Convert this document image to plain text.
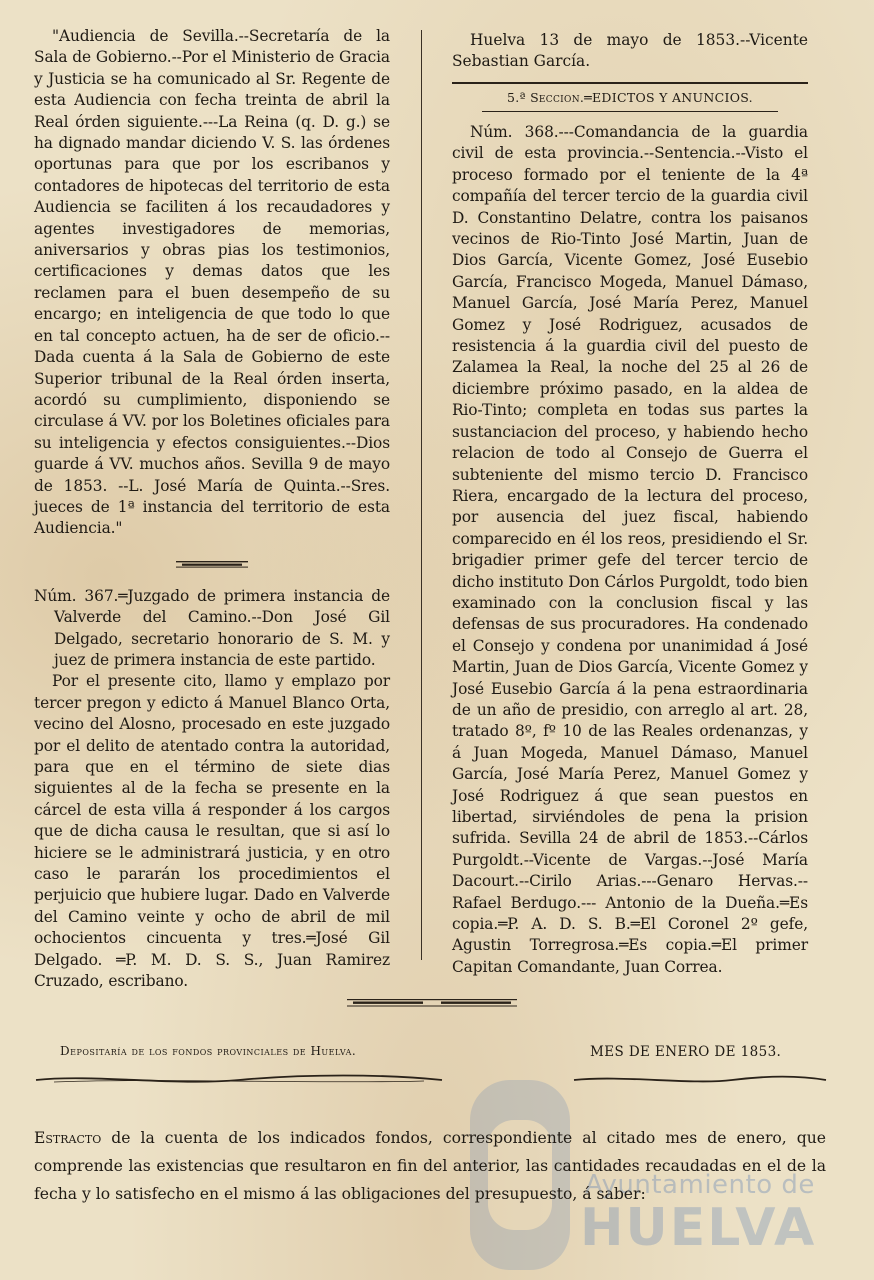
"Audiencia de Sevilla.--Secretaría de la Sala de Gobierno.--Por el Ministerio de Gracia y Justicia se ha comunicado al Sr. Regente de esta Audiencia con fecha treinta de abril la Real órden siguiente.---La Reina (q. D. g.) se ha dignado mandar diciendo V. S. las órdenes oportunas para que por los escribanos y contadores de hipotecas del territorio de esta Audiencia se faciliten á los recaudadores y agentes investigadores de memorias, aniversarios y obras pias los testimonios, certificaciones y demas datos que les reclamen para el buen desempeño de su encargo; en inteligencia de que todo lo que en tal concepto actuen, ha de ser de oficio.--Dada cuenta á la Sala de Gobierno de este Superior tribunal de la Real órden inserta, acordó su cumplimiento, disponiendo se circulase á VV. por los Boletines oficiales para su inteligencia y efectos consiguientes.--Dios guarde á VV. muchos años. Sevilla 9 de mayo de 1853. --L. José María de Quinta.--Sres. jueces de 1ª instancia del territorio de esta Audiencia."

Núm. 367.═Juzgado de primera instancia de Valverde del Camino.--Don José Gil Delgado, secretario honorario de S. M. y juez de primera instancia de este partido.

Por el presente cito, llamo y emplazo por tercer pregon y edicto á Manuel Blanco Orta, vecino del Alosno, procesado en este juzgado por el delito de atentado contra la autoridad, para que en el término de siete dias siguientes al de la fecha se presente en la cárcel de esta villa á responder á los cargos que de dicha causa le resultan, que si así lo hiciere se le administrará justicia, y en otro caso le pararán los procedimientos el perjuicio que hubiere lugar. Dado en Valverde del Camino veinte y ocho de abril de mil ochocientos cincuenta y tres.═José Gil Delgado. ═P. M. D. S. S., Juan Ramirez Cruzado, escribano.

Huelva 13 de mayo de 1853.--Vicente Sebastian García.

5.ª Seccion.═EDICTOS Y ANUNCIOS.

Núm. 368.---Comandancia de la guardia civil de esta provincia.--Sentencia.--Visto el proceso formado por el teniente de la 4ª compañía del tercer tercio de la guardia civil D. Constantino Delatre, contra los paisanos vecinos de Rio-Tinto José Martin, Juan de Dios García, Vicente Gomez, José Eusebio García, Francisco Mogeda, Manuel Dámaso, Manuel García, José María Perez, Manuel Gomez y José Rodriguez, acusados de resistencia á la guardia civil del puesto de Zalamea la Real, la noche del 25 al 26 de diciembre próximo pasado, en la aldea de Rio-Tinto; completa en todas sus partes la sustanciacion del proceso, y habiendo hecho relacion de todo al Consejo de Guerra el subteniente del mismo tercio D. Francisco Riera, encargado de la lectura del proceso, por ausencia del juez fiscal, habiendo comparecido en él los reos, presidiendo el Sr. brigadier primer gefe del tercer tercio de dicho instituto Don Cárlos Purgoldt, todo bien examinado con la conclusion fiscal y las defensas de sus procuradores. Ha condenado el Consejo y condena por unanimidad á José Martin, Juan de Dios García, Vicente Gomez y José Eusebio García á la pena estraordinaria de un año de presidio, con arreglo al art. 28, tratado 8º, fº 10 de las Reales ordenanzas, y á Juan Mogeda, Manuel Dámaso, Manuel García, José María Perez, Manuel Gomez y José Rodriguez á que sean puestos en libertad, sirviéndoles de pena la prision sufrida. Sevilla 24 de abril de 1853.--Cárlos Purgoldt.--Vicente de Vargas.--José María Dacourt.--Cirilo Arias.---Genaro Hervas.--Rafael Berdugo.--- Antonio de la Dueña.═Es copia.═P. A. D. S. B.═El Coronel 2º gefe, Agustin Torregrosa.═Es copia.═El primer Capitan Comandante, Juan Correa.

Depositaría de los fondos provinciales de Huelva.	MES DE ENERO DE 1853.
Ayuntamiento de
HUELVA

Estracto de la cuenta de los indicados fondos, correspondiente al citado mes de enero, que comprende las existencias que resultaron en fin del anterior, las cantidades recaudadas en el de la fecha y lo satisfecho en el mismo á las obligaciones del presupuesto, á saber:
